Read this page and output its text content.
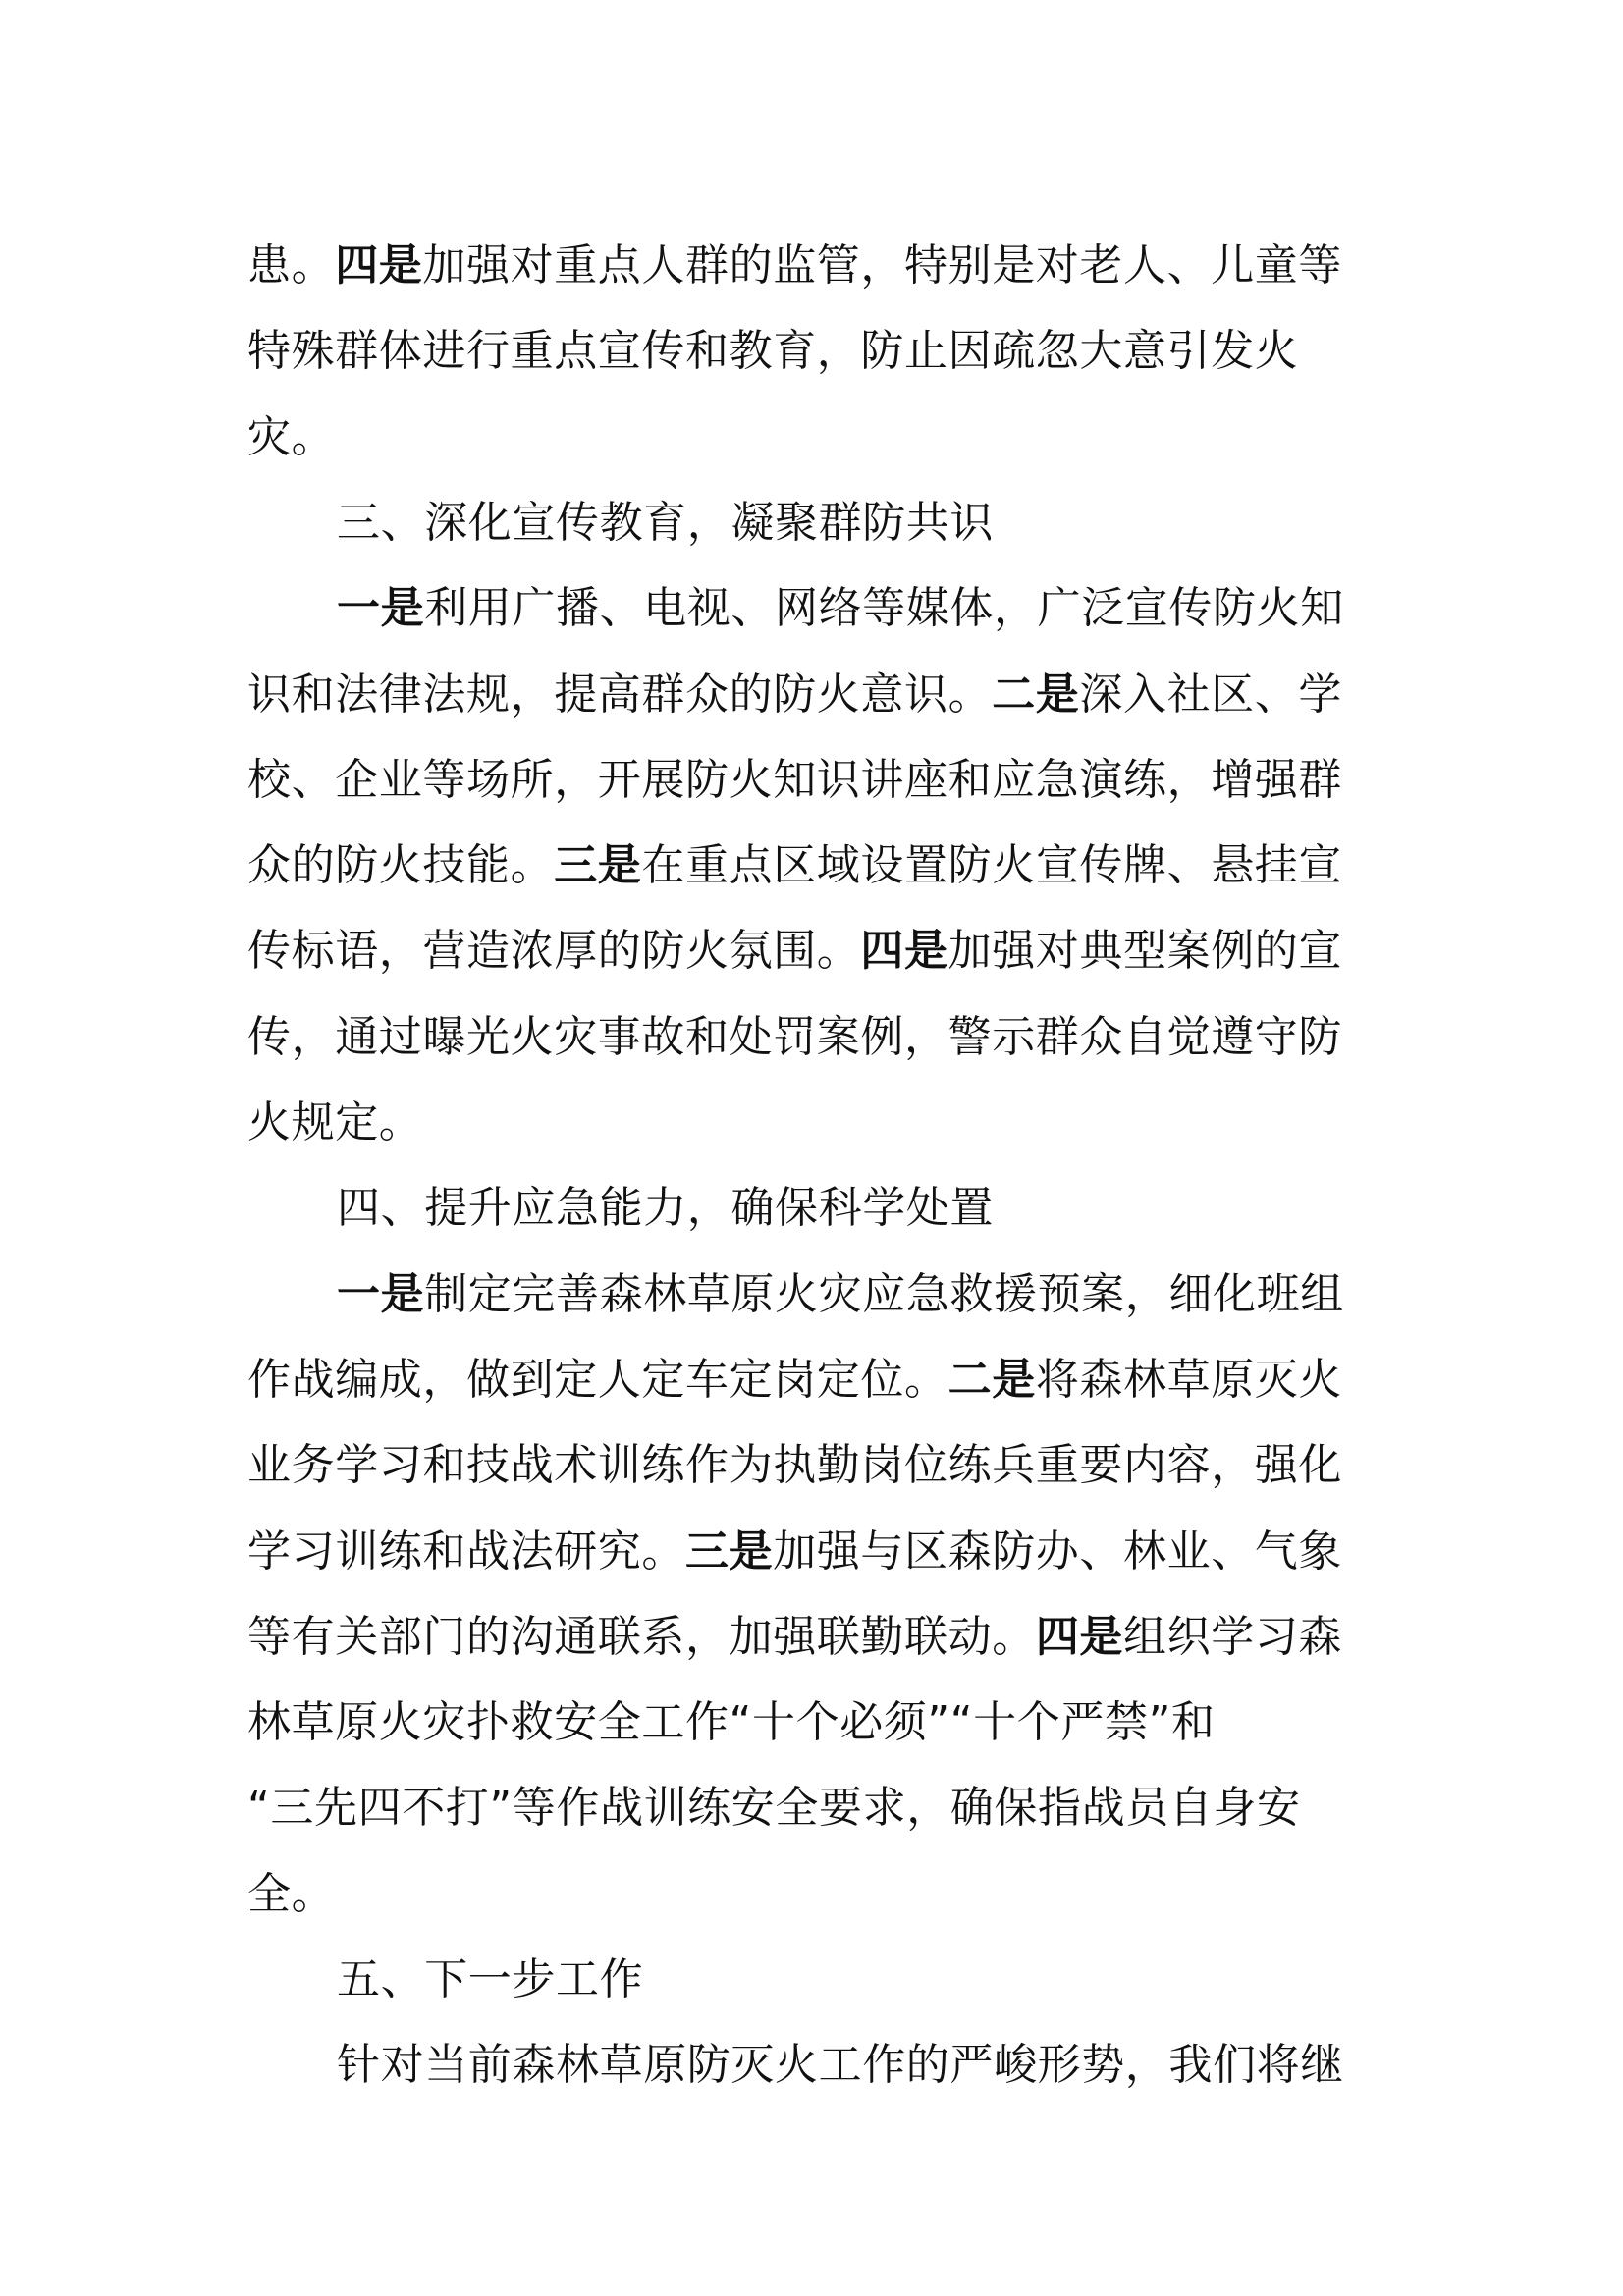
患。四是加强对重点人群的监管，特别是对老人、儿童等
特殊群体进行重点宣传和教育，防止因疏忽大意引发火
灾。
三、深化宣传教育，凝聚群防共识
一是利用广播、电视、网络等媒体，广泛宣传防火知
识和法律法规，提高群众的防火意识。二是深入社区、学
校、企业等场所，开展防火知识讲座和应急演练，增强群
众的防火技能。三是在重点区域设置防火宣传牌、悬挂宣
传标语，营造浓厚的防火氛围。四是加强对典型案例的宣
传，通过曝光火灾事故和处罚案例，警示群众自觉遵守防
火规定。
四、提升应急能力，确保科学处置
一是制定完善森林草原火灾应急救援预案，细化班组
作战编成，做到定人定车定岗定位。二是将森林草原灭火
业务学习和技战术训练作为执勤岗位练兵重要内容，强化
学习训练和战法研究。三是加强与区森防办、林业、气象
等有关部门的沟通联系，加强联勤联动。四是组织学习森
林草原火灾扑救安全工作“十个必须”“十个严禁”和
“三先四不打”等作战训练安全要求，确保指战员自身安
全。
五、下一步工作
针对当前森林草原防灭火工作的严峻形势，我们将继
